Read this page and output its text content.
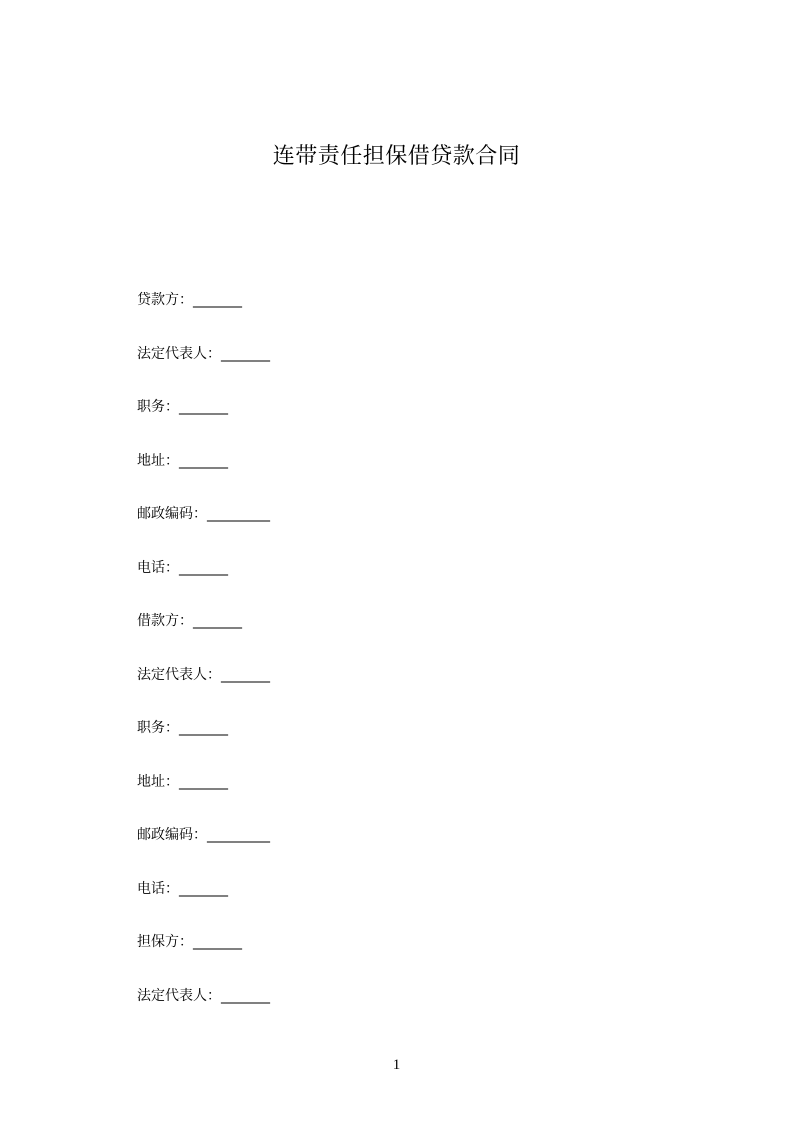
连带责任担保借贷款合同
贷款方：_______
法定代表人：_______
职务：_______
地址：_______
邮政编码：_________
电话：_______
借款方：_______
法定代表人：_______
职务：_______
地址：_______
邮政编码：_________
电话：_______
担保方：_______
法定代表人：_______
1
